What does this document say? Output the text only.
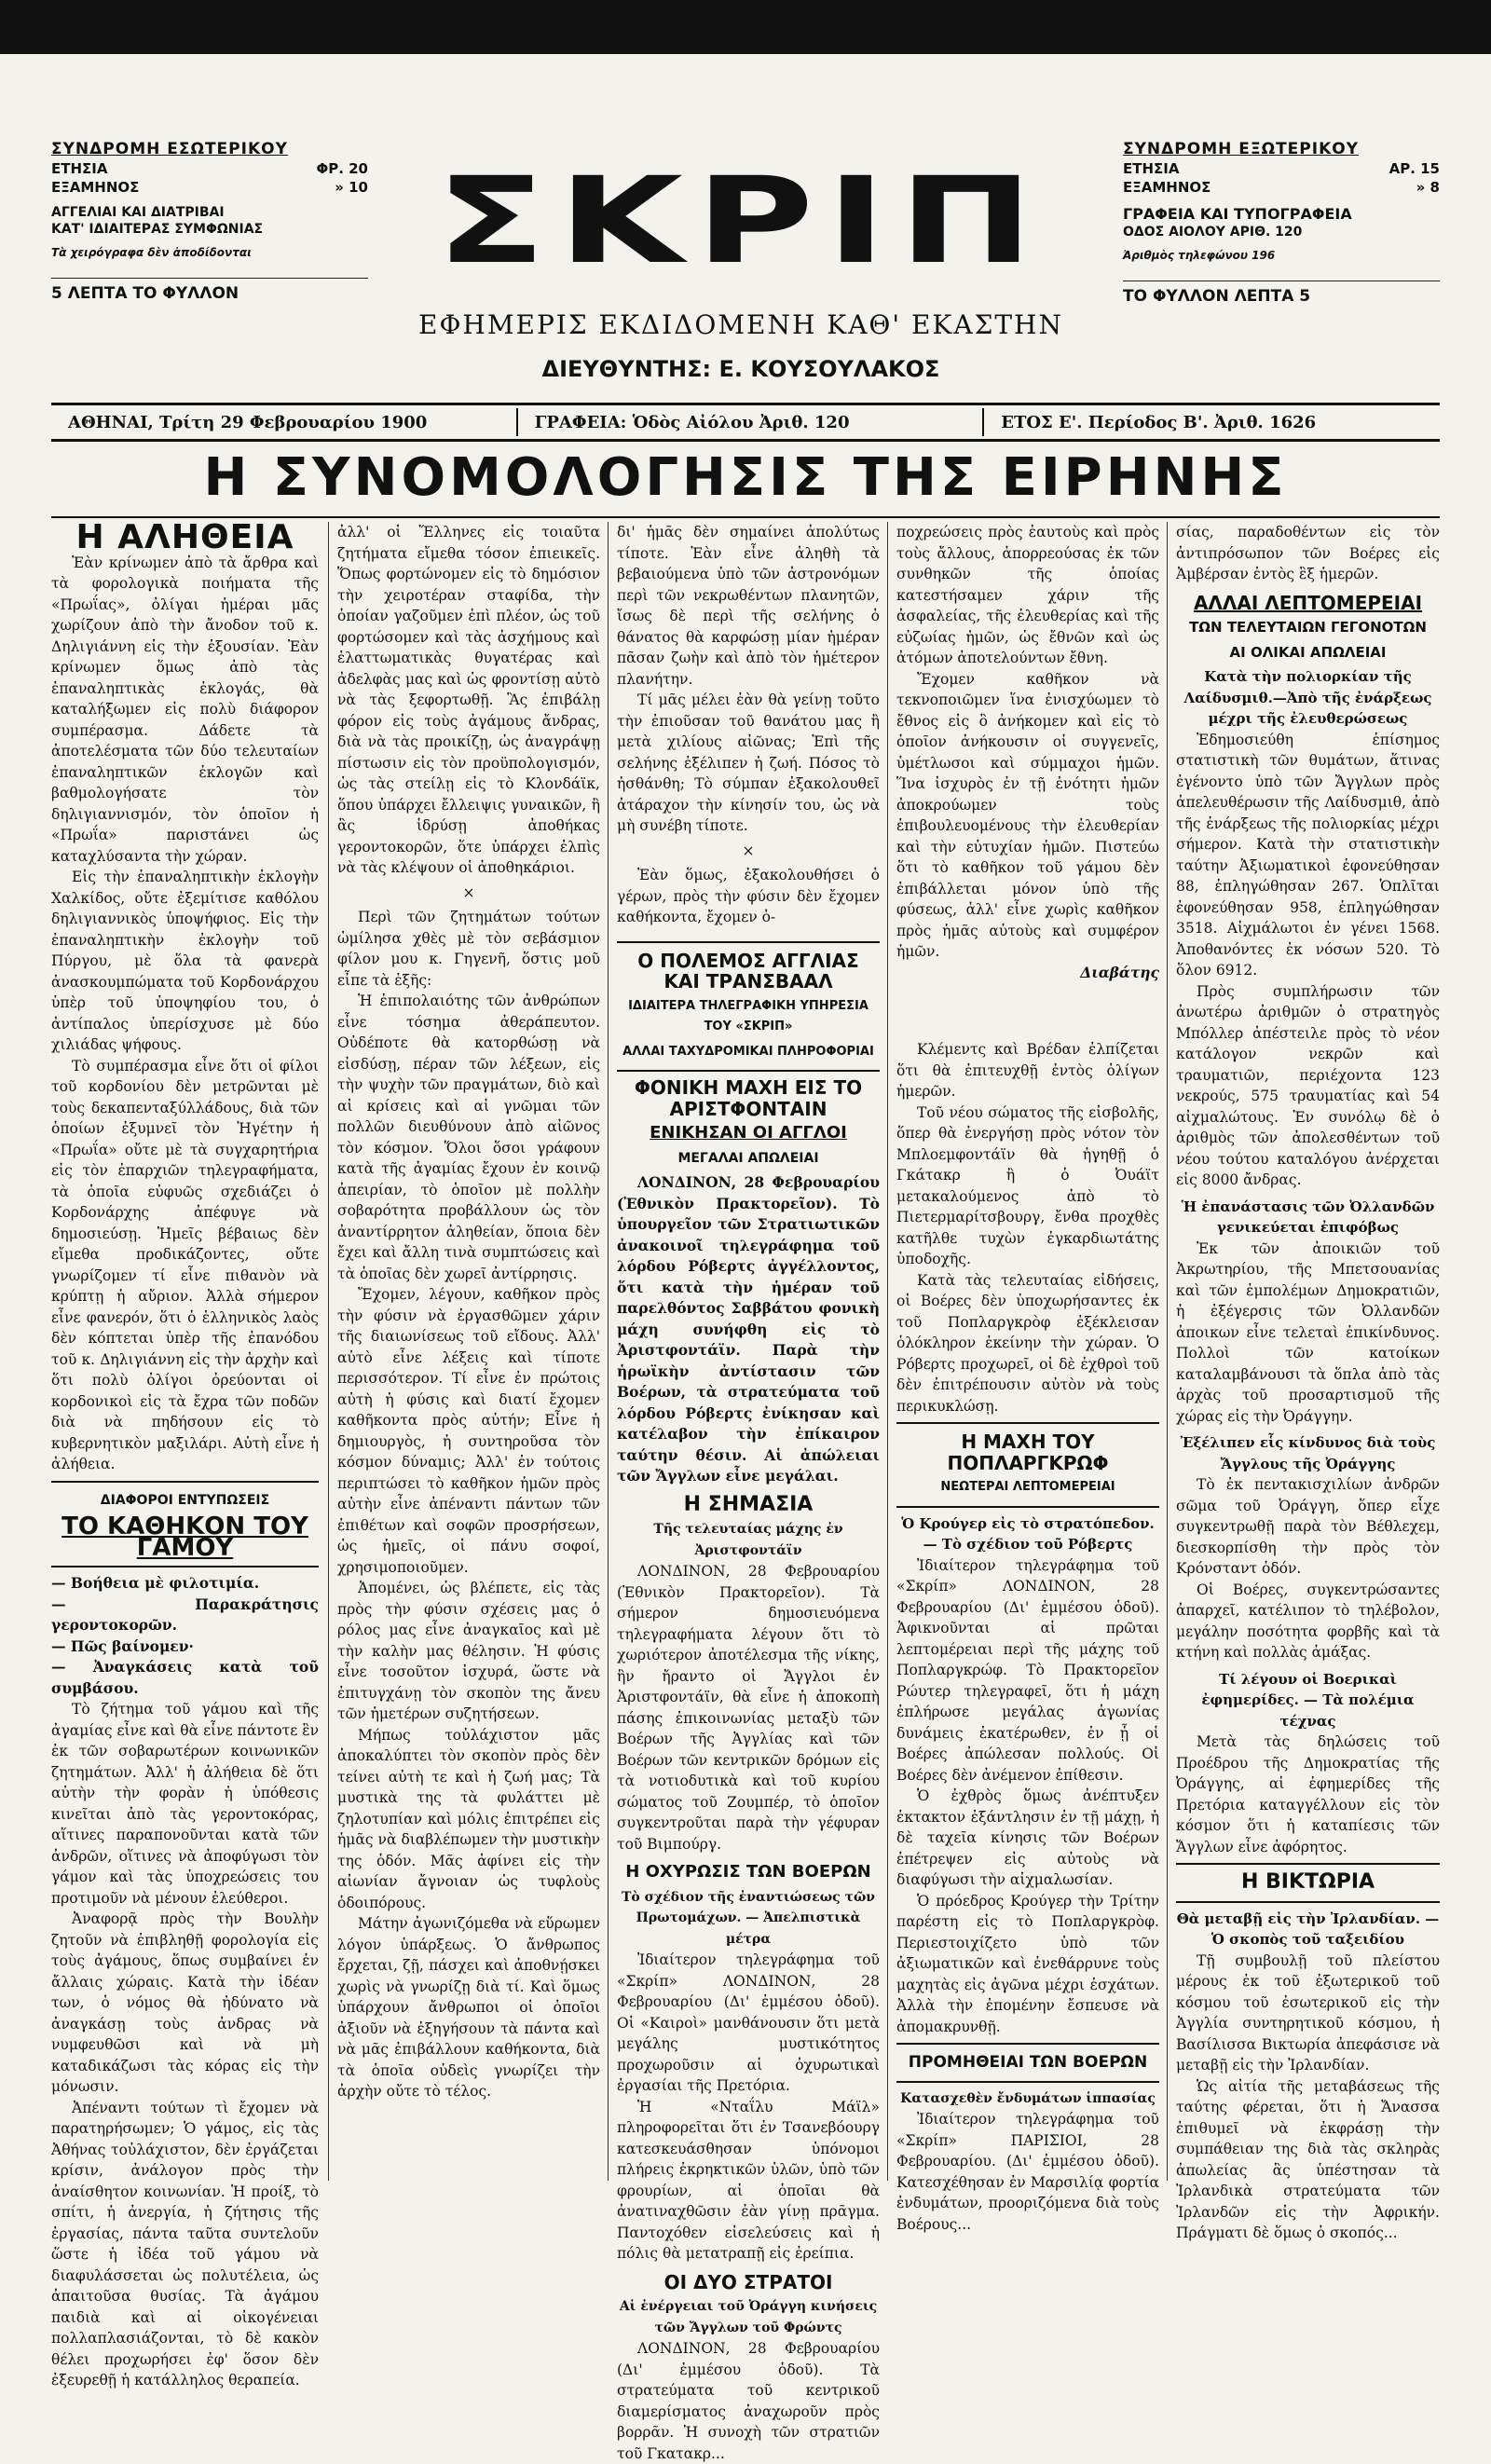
ΣΥΝΔΡΟΜΗ ΕΣΩΤΕΡΙΚΟΥ
ΕΤΗΣΙΑ	ΦΡ. 20
ΕΞΑΜΗΝΟΣ	» 10
ΑΓΓΕΛΙΑΙ ΚΑΙ ΔΙΑΤΡΙΒΑΙ
ΚΑΤ' ΙΔΙΑΙΤΕΡΑΣ ΣΥΜΦΩΝΙΑΣ
Τὰ χειρόγραφα δὲν ἀποδίδονται
5 ΛΕΠΤΑ ΤΟ ΦΥΛΛΟΝ
ΣΚΡΙΠ
ΕΦΗΜΕΡΙΣ ΕΚΔΙΔΟΜΕΝΗ ΚΑΘ' ΕΚΑΣΤΗΝ
ΔΙΕΥΘΥΝΤΗΣ: Ε. ΚΟΥΣΟΥΛΑΚΟΣ
ΣΥΝΔΡΟΜΗ ΕΞΩΤΕΡΙΚΟΥ
ΕΤΗΣΙΑ	ΑΡ. 15
ΕΞΑΜΗΝΟΣ	» 8
ΓΡΑΦΕΙΑ ΚΑΙ ΤΥΠΟΓΡΑΦΕΙΑ
ΟΔΟΣ ΑΙΟΛΟΥ ΑΡΙΘ. 120
Ἀριθμὸς τηλεφώνου 196
ΤΟ ΦΥΛΛΟΝ ΛΕΠΤΑ 5
ΑΘΗΝΑΙ, Τρίτη 29 Φεβρουαρίου 1900	ΓΡΑΦΕΙΑ: Ὁδὸς Αἰόλου Ἀριθ. 120	ΕΤΟΣ Ε'. Περίοδος Β'. Ἀριθ. 1626
Η ΣΥΝΟΜΟΛΟΓΗΣΙΣ ΤΗΣ ΕΙΡΗΝΗΣ
Η ΑΛΗΘΕΙΑ

Ἐὰν κρίνωμεν ἀπὸ τὰ ἄρθρα καὶ τὰ φορολογικὰ ποιήματα τῆς «Πρωΐας», ὀλίγαι ἡμέραι μᾶς χωρίζουν ἀπὸ τὴν ἄνοδον τοῦ κ. Δηλιγιάννη εἰς τὴν ἐξουσίαν. Ἐὰν κρίνωμεν ὅμως ἀπὸ τὰς ἐπαναληπτικὰς ἐκλογάς, θὰ καταλήξωμεν εἰς πολὺ διάφορον συμπέρασμα. Δάδετε τὰ ἀποτελέσματα τῶν δύο τελευταίων ἐπαναληπτικῶν ἐκλογῶν καὶ βαθμολογήσατε τὸν δηλιγιαννισμόν, τὸν ὁποῖον ἡ «Πρωΐα» παριστάνει ὡς καταχλύσαντα τὴν χώραν.

Εἰς τὴν ἐπαναληπτικὴν ἐκλογὴν Χαλκίδος, οὔτε ἐξεμίτισε καθόλου δηλιγιαννικὸς ὑποψήφιος. Εἰς τὴν ἐπαναληπτικὴν ἐκλογὴν τοῦ Πύργου, μὲ ὅλα τὰ φανερὰ ἀνασκουμπώματα τοῦ Κορδονάρχου ὑπὲρ τοῦ ὑποψηφίου του, ὁ ἀντίπαλος ὑπερίσχυσε μὲ δύο χιλιάδας ψήφους.

Τὸ συμπέρασμα εἶνε ὅτι οἱ φίλοι τοῦ κορδονίου δὲν μετρῶνται μὲ τοὺς δεκαπενταξύλλάδους, διὰ τῶν ὁποίων ἐξυμνεῖ τὸν Ἠγέτην ἡ «Πρωΐα» οὔτε μὲ τὰ συγχαρητήρια εἰς τὸν ἐπαρχιῶν τηλεγραφήματα, τὰ ὁποῖα εὐφυῶς σχεδιάζει ὁ Κορδονάρχης ἀπέφυγε νὰ δημοσιεύσῃ. Ἡμεῖς βέβαιως δὲν εἴμεθα προδικάζοντες, οὔτε γνωρίζομεν τί εἶνε πιθανὸν νὰ κρύπτῃ ἡ αὔριον. Ἀλλὰ σήμερον εἶνε φανερόν, ὅτι ὁ ἑλληνικὸς λαὸς δὲν κόπτεται ὑπὲρ τῆς ἐπανόδου τοῦ κ. Δηλιγιάννη εἰς τὴν ἀρχὴν καὶ ὅτι πολὺ ὀλίγοι ὀρεύονται οἱ κορδονικοὶ εἰς τὰ ἔχρα τῶν ποδῶν διὰ νὰ πηδήσουν εἰς τὸ κυβερνητικὸν μαξιλάρι. Αὐτὴ εἶνε ἡ ἀλήθεια.

ΔΙΑΦΟΡΟΙ ΕΝΤΥΠΩΣΕΙΣ
ΤΟ ΚΑΘΗΚΟΝ ΤΟΥ ΓΑΜΟΥ
— Βοήθεια μὲ φιλοτιμία.
— Παρακράτησις γεροντοκορῶν.
— Πῶς βαίνομεν·
— Ἀναγκάσεις κατὰ τοῦ συμβάσου.

Τὸ ζήτημα τοῦ γάμου καὶ τῆς ἀγαμίας εἶνε καὶ θὰ εἶνε πάντοτε ἓν ἐκ τῶν σοβαρωτέρων κοινωνικῶν ζητημάτων. Ἀλλ' ἡ ἀλήθεια δὲ ὅτι αὐτὴν τὴν φορὰν ἡ ὑπόθεσις κινεῖται ἀπὸ τὰς γεροντοκόρας, αἵτινες παραπονοῦνται κατὰ τῶν ἀνδρῶν, οἵτινες νὰ ἀποφύγωσι τὸν γάμον καὶ τὰς ὑποχρεώσεις του προτιμοῦν νὰ μένουν ἐλεύθεροι.

Ἀναφορᾷ πρὸς τὴν Βουλὴν ζητοῦν νὰ ἐπιβληθῇ φορολογία εἰς τοὺς ἀγάμους, ὅπως συμβαίνει ἐν ἄλλαις χώραις. Κατὰ τὴν ἰδέαν των, ὁ νόμος θὰ ἠδύνατο νὰ ἀναγκάσῃ τοὺς ἀνδρας νὰ νυμφευθῶσι καὶ νὰ μὴ καταδικάζωσι τὰς κόρας εἰς τὴν μόνωσιν.

Ἀπέναντι τούτων τὶ ἔχομεν νὰ παρατηρήσωμεν; Ὁ γάμος, εἰς τὰς Ἀθήνας τοὐλάχιστον, δὲν ἐργάζεται κρίσιν, ἀνάλογον πρὸς τὴν ἀναίσθητον κοινωνίαν. Ἡ προίξ, τὸ σπίτι, ἡ ἀνεργία, ἡ ζήτησις τῆς ἐργασίας, πάντα ταῦτα συντελοῦν ὥστε ἡ ἰδέα τοῦ γάμου νὰ διαφυλάσσεται ὡς πολυτέλεια, ὡς ἀπαιτοῦσα θυσίας. Τὰ ἀγάμου παιδιὰ καὶ αἱ οἰκογένειαι πολλαπλασιάζονται, τὸ δὲ κακὸν θέλει προχωρήσει ἐφ' ὅσον δὲν ἐξευρεθῇ ἡ κατάλληλος θεραπεία.

ἀλλ' οἱ Ἕλληνες εἰς τοιαῦτα ζητήματα εἴμεθα τόσον ἐπιεικεῖς. Ὅπως φορτώνομεν εἰς τὸ δημόσιον τὴν χειροτέραν σταφίδα, τὴν ὁποίαν γαζοῦμεν ἐπὶ πλέον, ὡς τοῦ φορτώσομεν καὶ τὰς ἀσχήμους καὶ ἐλαττωματικὰς θυγατέρας καὶ ἀδελφὰς μας καὶ ὡς φροντίσῃ αὐτὸ νὰ τὰς ξεφορτωθῇ. Ἂς ἐπιβάλῃ φόρον εἰς τοὺς ἀγάμους ἄνδρας, διὰ νὰ τὰς προικίζῃ, ὡς ἀναγράψῃ πίστωσιν εἰς τὸν προϋπολογισμόν, ὡς τὰς στείλῃ εἰς τὸ Κλονδάϊκ, ὅπου ὑπάρχει ἔλλειψις γυναικῶν, ἢ ἂς ἱδρύσῃ ἀποθήκας γεροντοκορῶν, ὅτε ὑπάρχει ἐλπὶς νὰ τὰς κλέψουν οἱ ἀποθηκάριοι.

×

Περὶ τῶν ζητημάτων τούτων ὡμίλησα χθὲς μὲ τὸν σεβάσμιον φίλον μου κ. Γηγενῆ, ὅστις μοῦ εἶπε τὰ ἑξῆς:

Ἡ ἐπιπολαιότης τῶν ἀνθρώπων εἶνε τόσημα ἀθεράπευτον. Οὐδέποτε θὰ κατορθώσῃ νὰ εἰσδύσῃ, πέραν τῶν λέξεων, εἰς τὴν ψυχὴν τῶν πραγμάτων, διὸ καὶ αἱ κρίσεις καὶ αἱ γνῶμαι τῶν πολλῶν διευθύνουν ἀπὸ αἰῶνος τὸν κόσμον. Ὅλοι ὅσοι γράφουν κατὰ τῆς ἀγαμίας ἔχουν ἐν κοινῷ ἀπειρίαν, τὸ ὁποῖον μὲ πολλὴν σοβαρότητα προβάλλουν ὡς τὸν ἀναντίρρητον ἀληθείαν, ὅποια δὲν ἔχει καὶ ἄλλη τινὰ συμπτώσεις καὶ τὰ ὁποῖας δὲν χωρεῖ ἀντίρρησις.

Ἔχομεν, λέγουν, καθῆκον πρὸς τὴν φύσιν νὰ ἐργασθῶμεν χάριν τῆς διαιωνίσεως τοῦ εἴδους. Ἀλλ' αὐτὸ εἶνε λέξεις καὶ τίποτε περισσότερον. Τί εἶνε ἐν πρώτοις αὐτὴ ἡ φύσις καὶ διατί ἔχομεν καθῆκοντα πρὸς αὐτήν; Εἶνε ἡ δημιουργὸς, ἡ συντηροῦσα τὸν κόσμον δύναμις; Ἀλλ' ἐν τούτοις περιπτώσει τὸ καθῆκον ἡμῶν πρὸς αὐτὴν εἶνε ἀπέναντι πάντων τῶν ἐπιθέτων καὶ σοφῶν προσρήσεων, ὡς ἡμεῖς, οἱ πάνυ σοφοί, χρησιμοποιοῦμεν.

Ἀπομένει, ὡς βλέπετε, εἰς τὰς πρὸς τὴν φύσιν σχέσεις μας ὁ ρόλος μας εἶνε ἀναγκαῖος καὶ μὲ τὴν καλὴν μας θέλησιν. Ἡ φύσις εἶνε τοσοῦτον ἰσχυρά, ὥστε νὰ ἐπιτυγχάνῃ τὸν σκοπὸν της ἄνευ τῶν ἡμετέρων συζητήσεων.

Μήπως τοὐλάχιστον μᾶς ἀποκαλύπτει τὸν σκοπὸν πρὸς δὲν τείνει αὐτὴ τε καὶ ἡ ζωή μας; Τὰ μυστικὰ της τὰ φυλάττει μὲ ζηλοτυπίαν καὶ μόλις ἐπιτρέπει εἰς ἡμᾶς νὰ διαβλέπωμεν τὴν μυστικὴν της ὁδόν. Μᾶς ἀφίνει εἰς τὴν αἰωνίαν ἄγνοιαν ὡς τυφλοὺς ὁδοιπόρους.

Μάτην ἀγωνιζόμεθα νὰ εὕρωμεν λόγον ὑπάρξεως. Ὁ ἄνθρωπος ἔρχεται, ζῇ, πάσχει καὶ ἀποθνῄσκει χωρὶς νὰ γνωρίζῃ διὰ τί. Καὶ ὅμως ὑπάρχουν ἄνθρωποι οἱ ὁποῖοι ἀξιοῦν νὰ ἐξηγήσουν τὰ πάντα καὶ νὰ μᾶς ἐπιβάλλουν καθήκοντα, διὰ τὰ ὁποῖα οὐδεὶς γνωρίζει τὴν ἀρχὴν οὔτε τὸ τέλος.

δι' ἡμᾶς δὲν σημαίνει ἀπολύτως τίποτε. Ἐὰν εἶνε ἀληθὴ τὰ βεβαιούμενα ὑπὸ τῶν ἀστρονόμων περὶ τῶν νεκρωθέντων πλανητῶν, ἴσως δὲ περὶ τῆς σελήνης ὁ θάνατος θὰ καρφώσῃ μίαν ἡμέραν πᾶσαν ζωὴν καὶ ἀπὸ τὸν ἡμέτερον πλανήτην.

Τί μᾶς μέλει ἐὰν θὰ γείνῃ τοῦτο τὴν ἐπιοῦσαν τοῦ θανάτου μας ἢ μετὰ χιλίους αἰῶνας; Ἐπὶ τῆς σελήνης ἐξέλιπεν ἡ ζωή. Πόσος τὸ ἠσθάνθη; Τὸ σύμπαν ἐξακολουθεῖ ἀτάραχον τὴν κίνησίν του, ὡς νὰ μὴ συνέβη τίποτε.

×

Ἐὰν ὅμως, ἐξακολουθήσει ὁ γέρων, πρὸς τὴν φύσιν δὲν ἔχομεν καθήκοντα, ἔχομεν ὁ-

Ο ΠΟΛΕΜΟΣ ΑΓΓΛΙΑΣ ΚΑΙ ΤΡΑΝΣΒΑΑΛ
ΙΔΙΑΙΤΕΡΑ ΤΗΛΕΓΡΑΦΙΚΗ ΥΠΗΡΕΣΙΑ ΤΟΥ «ΣΚΡΙΠ»
ΑΛΛΑΙ ΤΑΧΥΔΡΟΜΙΚΑΙ ΠΛΗΡΟΦΟΡΙΑΙ
ΦΟΝΙΚΗ ΜΑΧΗ ΕΙΣ ΤΟ ΑΡΙΣΤΦΟΝΤΑΙΝ
ΕΝΙΚΗΣΑΝ ΟΙ ΑΓΓΛΟΙ
ΜΕΓΑΛΑΙ ΑΠΩΛΕΙΑΙ

ΛΟΝΔΙΝΟΝ, 28 Φεβρουαρίου (Ἐθνικὸν Πρακτορεῖον). Τὸ ὑπουργεῖον τῶν Στρατιωτικῶν ἀνακοινοῖ τηλεγράφημα τοῦ λόρδου Ρόβερτς ἀγγέλλοντος, ὅτι κατὰ τὴν ἡμέραν τοῦ παρελθόντος Σαββάτου φονικὴ μάχη συνήφθη εἰς τὸ Ἀριστφοντάϊν. Παρὰ τὴν ἡρωϊκὴν ἀντίστασιν τῶν Βοέρων, τὰ στρατεύματα τοῦ λόρδου Ρόβερτς ἐνίκησαν καὶ κατέλαβον τὴν ἐπίκαιρον ταύτην θέσιν. Αἱ ἀπώλειαι τῶν Ἄγγλων εἶνε μεγάλαι.

Η ΣΗΜΑΣΙΑ
Τῆς τελευταίας μάχης ἐν Ἀριστφοντάϊν

ΛΟΝΔΙΝΟΝ, 28 Φεβρουαρίου (Ἐθνικὸν Πρακτορεῖον). Τὰ σήμερον δημοσιευόμενα τηλεγραφήματα λέγουν ὅτι τὸ χωριότερον ἀποτέλεσμα τῆς νίκης, ἣν ἤραντο οἱ Ἄγγλοι ἐν Ἀριστφοντάϊν, θὰ εἶνε ἡ ἀποκοπὴ πάσης ἐπικοινωνίας μεταξὺ τῶν Βοέρων τῆς Ἀγγλίας καὶ τῶν Βοέρων τῶν κεντρικῶν δρόμων εἰς τὰ νοτιοδυτικὰ καὶ τοῦ κυρίου σώματος τοῦ Ζουμπέρ, τὸ ὁποῖον συγκεντροῦται παρὰ τὴν γέφυραν τοῦ Βιμπούργ.

Η ΟΧΥΡΩΣΙΣ ΤΩΝ ΒΟΕΡΩΝ
Τὸ σχέδιον τῆς ἐναντιώσεως τῶν Πρωτομάχων. — Ἀπελπιστικὰ μέτρα

Ἰδιαίτερον τηλεγράφημα τοῦ «Σκρίπ» ΛΟΝΔΙΝΟΝ, 28 Φεβρουαρίου (Δι' ἐμμέσου ὁδοῦ). Οἱ «Καιροὶ» μανθάνουσιν ὅτι μετὰ μεγάλης μυστικότητος προχωροῦσιν αἱ ὀχυρωτικαὶ ἐργασίαι τῆς Πρετόρια.

Ἡ «Νταΐλυ Μάϊλ» πληροφορεῖται ὅτι ἐν Τσανεβόουργ κατεσκευάσθησαν ὑπόνομοι πλήρεις ἐκρηκτικῶν ὑλῶν, ὑπὸ τῶν φρουρίων, αἱ ὁποῖαι θὰ ἀνατιναχθῶσιν ἐὰν γίνῃ πρᾶγμα. Παντοχόθεν εἰσελεύσεις καὶ ἡ πόλις θὰ μετατραπῇ εἰς ἐρείπια.

ΟΙ ΔΥΟ ΣΤΡΑΤΟΙ
Αἱ ἐνέργειαι τοῦ Ὀράγγη κινήσεις τῶν Ἄγγλων τοῦ Φρώντς

ΛΟΝΔΙΝΟΝ, 28 Φεβρουαρίου (Δι' ἐμμέσου ὁδοῦ). Τὰ στρατεύματα τοῦ κεντρικοῦ διαμερίσματος ἀναχωροῦν πρὸς βορρᾶν. Ἡ συνοχὴ τῶν στρατιῶν τοῦ Γκατακρ...

ποχρεώσεις πρὸς ἑαυτοὺς καὶ πρὸς τοὺς ἄλλους, ἀπορρεούσας ἐκ τῶν συνθηκῶν τῆς ὁποίας κατεστήσαμεν χάριν τῆς ἀσφαλείας, τῆς ἐλευθερίας καὶ τῆς εὐζωίας ἡμῶν, ὡς ἔθνῶν καὶ ὡς ἀτόμων ἀποτελούντων ἔθνη.

Ἔχομεν καθῆκον νὰ τεκνοποιῶμεν ἵνα ἐνισχύωμεν τὸ ἔθνος εἰς ὃ ἀνήκομεν καὶ εἰς τὸ ὁποῖον ἀνήκουσιν οἱ συγγενεῖς, ὑμέτλωσοι καὶ σύμμαχοι ἡμῶν. Ἵνα ἰσχυρὸς ἐν τῇ ἐνότητι ἡμῶν ἀποκρούωμεν τοὺς ἐπιβουλευομένους τὴν ἐλευθερίαν καὶ τὴν εὐτυχίαν ἡμῶν. Πιστεύω ὅτι τὸ καθῆκον τοῦ γάμου δὲν ἐπιβάλλεται μόνον ὑπὸ τῆς φύσεως, ἀλλ' εἶνε χωρὶς καθῆκον πρὸς ἡμᾶς αὐτοὺς καὶ συμφέρον ἡμῶν.

Διαβάτης

Κλέμεντς καὶ Βρέδαν ἐλπίζεται ὅτι θὰ ἐπιτευχθῇ ἐντὸς ὀλίγων ἡμερῶν.

Τοῦ νέου σώματος τῆς εἰσβολῆς, ὅπερ θὰ ἐνεργήσῃ πρὸς νότον τὸν Μπλοεμφοντάϊν θὰ ἡγηθῇ ὁ Γκάτακρ ἢ ὁ Ὀυάϊτ μετακαλούμενος ἀπὸ τὸ Πιετερμαρίτσβουργ, ἔνθα προχθὲς κατῆλθε τυχὼν ἐγκαρδιωτάτης ὑποδοχῆς.

Κατὰ τὰς τελευταίας εἰδήσεις, οἱ Βοέρες δὲν ὑποχωρήσαντες ἐκ τοῦ Ποπλαργκρὸφ ἐξέκλεισαν ὁλόκληρον ἐκείνην τὴν χώραν. Ὁ Ρόβερτς προχωρεῖ, οἱ δὲ ἐχθροὶ τοῦ δὲν ἐπιτρέπουσιν αὐτὸν νὰ τοὺς περικυκλώσῃ.

Η ΜΑΧΗ ΤΟΥ ΠΟΠΛΑΡΓΚΡΩΦ
ΝΕΩΤΕΡΑΙ ΛΕΠΤΟΜΕΡΕΙΑΙ
Ὁ Κρούγερ εἰς τὸ στρατόπεδον. — Τὸ σχέδιον τοῦ Ρόβερτς

Ἰδιαίτερον τηλεγράφημα τοῦ «Σκρίπ» ΛΟΝΔΙΝΟΝ, 28 Φεβρουαρίου (Δι' ἐμμέσου ὁδοῦ). Ἀφικνοῦνται αἱ πρῶται λεπτομέρειαι περὶ τῆς μάχης τοῦ Ποπλαργκρώφ. Τὸ Πρακτορεῖον Ρώυτερ τηλεγραφεῖ, ὅτι ἡ μάχη ἐπλήρωσε μεγάλας ἀγωνίας δυνάμεις ἑκατέρωθεν, ἐν ᾗ οἱ Βοέρες ἀπώλεσαν πολλούς. Οἱ Βοέρες δὲν ἀνέμενον ἐπίθεσιν.

Ὁ ἐχθρὸς ὅμως ἀνέπτυξεν ἐκτακτον ἐξάντλησιν ἐν τῇ μάχῃ, ἡ δὲ ταχεῖα κίνησις τῶν Βοέρων ἐπέτρεψεν εἰς αὐτοὺς νὰ διαφύγωσι τὴν αἰχμαλωσίαν.

Ὁ πρόεδρος Κρούγερ τὴν Τρίτην παρέστη εἰς τὸ Ποπλαργκρὸφ. Περιεστοιχίζετο ὑπὸ τῶν ἀξιωματικῶν καὶ ἐνεθάρρυνε τοὺς μαχητὰς εἰς ἀγῶνα μέχρι ἐσχάτων. Ἀλλὰ τὴν ἐπομένην ἔσπευσε νὰ ἀπομακρυνθῇ.

ΠΡΟΜΗΘΕΙΑΙ ΤΩΝ ΒΟΕΡΩΝ
Κατασχεθὲν ἔνδυμάτων ἱππασίας

Ἰδιαίτερον τηλεγράφημα τοῦ «Σκρίπ» ΠΑΡΙΣΙΟΙ, 28 Φεβρουαρίου. (Δι' ἐμμέσου ὁδοῦ). Κατεσχέθησαν ἐν Μαρσιλίᾳ φορτία ἐνδυμάτων, προοριζόμενα διὰ τοὺς Βοέρους...

σίας, παραδοθέντων εἰς τὸν ἀντιπρόσωπον τῶν Βοέρες εἰς Ἀμβέρσαν ἐντὸς ἓξ ἡμερῶν.

ΑΛΛΑΙ ΛΕΠΤΟΜΕΡΕΙΑΙ
ΤΩΝ ΤΕΛΕΥΤΑΙΩΝ ΓΕΓΟΝΟΤΩΝ
ΑΙ ΟΛΙΚΑΙ ΑΠΩΛΕΙΑΙ
Κατὰ τὴν πολιορκίαν τῆς Λαίδυσμιθ.—Ἀπὸ τῆς ἐνάρξεως μέχρι τῆς ἐλευθερώσεως

Ἐδημοσιεύθη ἐπίσημος στατιστικὴ τῶν θυμάτων, ἅτινας ἐγένοντο ὑπὸ τῶν Ἄγγλων πρὸς ἀπελευθέρωσιν τῆς Λαίδυσμιθ, ἀπὸ τῆς ἐνάρξεως τῆς πολιορκίας μέχρι σήμερον. Κατὰ τὴν στατιστικὴν ταύτην Ἀξιωματικοὶ ἐφονεύθησαν 88, ἐπληγώθησαν 267. Ὁπλῖται ἐφονεύθησαν 958, ἐπληγώθησαν 3518. Αἰχμάλωτοι ἐν γένει 1568. Ἀποθανόντες ἐκ νόσων 520. Τὸ ὅλον 6912.

Πρὸς συμπλήρωσιν τῶν ἀνωτέρω ἀριθμῶν ὁ στρατηγὸς Μπόλλερ ἀπέστειλε πρὸς τὸ νέον κατάλογον νεκρῶν καὶ τραυματιῶν, περιέχοντα 123 νεκρούς, 575 τραυματίας καὶ 54 αἰχμαλώτους. Ἐν συνόλῳ δὲ ὁ ἀριθμὸς τῶν ἀπολεσθέντων τοῦ νέου τούτου καταλόγου ἀνέρχεται εἰς 8000 ἄνδρας.

Ἡ ἐπανάστασις τῶν Ὀλλανδῶν γενικεύεται ἐπιφόβως

Ἐκ τῶν ἀποικιῶν τοῦ Ἀκρωτηρίου, τῆς Μπετσουανίας καὶ τῶν ἐμπολέμων Δημοκρατιῶν, ἡ ἐξέγερσις τῶν Ὀλλανδῶν ἀποικων εἶνε τελεταὶ ἐπικίνδυνος. Πολλοὶ τῶν κατοίκων καταλαμβάνουσι τὰ ὅπλα ἀπὸ τὰς ἀρχὰς τοῦ προσαρτισμοῦ τῆς χώρας εἰς τὴν Ὀράγγην.

Ἐξέλιπεν εἷς κίνδυνος διὰ τοὺς Ἄγγλους τῆς Ὀράγγης

Τὸ ἐκ πεντακισχιλίων ἀνδρῶν σῶμα τοῦ Ὀράγγη, ὅπερ εἶχε συγκεντρωθῇ παρὰ τὸν Βέθλεχεμ, διεσκορπίσθη τὴν πρὸς τὸν Κρόνσταντ ὁδόν.

Οἱ Βοέρες, συγκεντρώσαντες ἀπαρχεῖ, κατέλιπον τὸ τηλέβολον, μεγάλην ποσότητα φορβῆς καὶ τὰ κτήνη καὶ πολλὰς ἁμάξας.

Τί λέγουν οἱ Βοερικαὶ ἐφημερίδες. — Τὰ πολέμια τέχνας

Μετὰ τὰς δηλώσεις τοῦ Προέδρου τῆς Δημοκρατίας τῆς Ὀράγγης, αἱ ἐφημερίδες τῆς Πρετόρια καταγγέλλουν εἰς τὸν κόσμον ὅτι ἡ καταπίεσις τῶν Ἄγγλων εἶνε ἀφόρητος.

Η ΒΙΚΤΩΡΙΑ
Θὰ μεταβῇ εἰς τὴν Ἰρλανδίαν. — Ὁ σκοπὸς τοῦ ταξειδίου

Τῇ συμβουλῇ τοῦ πλείστου μέρους ἐκ τοῦ ἐξωτερικοῦ τοῦ κόσμου τοῦ ἐσωτερικοῦ εἰς τὴν Ἀγγλία συντηρητικοῦ κόσμου, ἡ Βασίλισσα Βικτωρία ἀπεφάσισε νὰ μεταβῇ εἰς τὴν Ἰρλανδίαν.

Ὡς αἰτία τῆς μεταβάσεως τῆς ταύτης φέρεται, ὅτι ἡ Ἄνασσα ἐπιθυμεῖ νὰ ἐκφράσῃ τὴν συμπάθειαν της διὰ τὰς σκληρὰς ἀπωλείας ἃς ὑπέστησαν τὰ Ἰρλανδικὰ στρατεύματα τῶν Ἰρλανδῶν εἰς τὴν Ἀφρικήν. Πράγματι δὲ ὅμως ὁ σκοπός...
